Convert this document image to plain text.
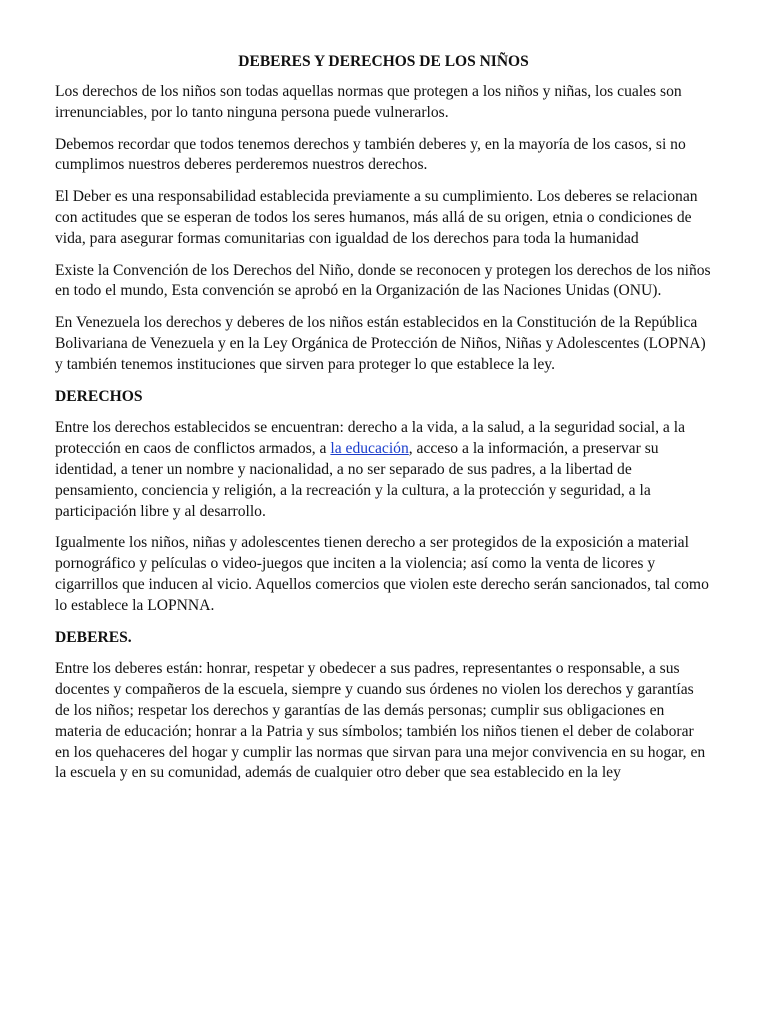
DEBERES Y DERECHOS DE LOS NIÑOS

Los derechos de los niños son todas aquellas normas que protegen a los niños y niñas, los cuales son irrenunciables, por lo tanto ninguna persona puede vulnerarlos.

Debemos recordar que todos tenemos derechos y también deberes y, en la mayoría de los casos, si no cumplimos nuestros deberes perderemos nuestros derechos.

El Deber es una responsabilidad establecida previamente a su cumplimiento. Los deberes se relacionan con actitudes que se esperan de todos los seres humanos, más allá de su origen, etnia o condiciones de vida, para asegurar formas comunitarias con igualdad de los derechos para toda la humanidad

Existe la Convención de los Derechos del Niño, donde se reconocen y protegen los derechos de los niños en todo el mundo, Esta convención se aprobó en la Organización de las Naciones Unidas (ONU).

En Venezuela los derechos y deberes de los niños están establecidos en la Constitución de la República Bolivariana de Venezuela y en la Ley Orgánica de Protección de Niños, Niñas y Adolescentes (LOPNA) y también tenemos instituciones que sirven para proteger lo que establece la ley.

DERECHOS

Entre los derechos establecidos se encuentran: derecho a la vida, a la salud, a la seguridad social, a la protección en caos de conflictos armados, a la educación, acceso a la información, a preservar su identidad, a tener un nombre y nacionalidad, a no ser separado de sus padres, a la libertad de pensamiento, conciencia y religión, a la recreación y la cultura, a la protección y seguridad, a la participación libre y al desarrollo.

Igualmente los niños, niñas y adolescentes tienen derecho a ser protegidos de la exposición a material pornográfico y películas o video-juegos que inciten a la violencia; así como la venta de licores y cigarrillos que inducen al vicio. Aquellos comercios que violen este derecho serán sancionados, tal como lo establece la LOPNNA.

DEBERES.

Entre los deberes están: honrar, respetar y obedecer a sus padres, representantes o responsable, a sus docentes y compañeros de la escuela, siempre y cuando sus órdenes no violen los derechos y garantías de los niños; respetar los derechos y garantías de las demás personas; cumplir sus obligaciones en materia de educación; honrar a la Patria y sus símbolos; también los niños tienen el deber de colaborar en los quehaceres del hogar y cumplir las normas que sirvan para una mejor convivencia en su hogar, en la escuela y en su comunidad, además de cualquier otro deber que sea establecido en la ley
